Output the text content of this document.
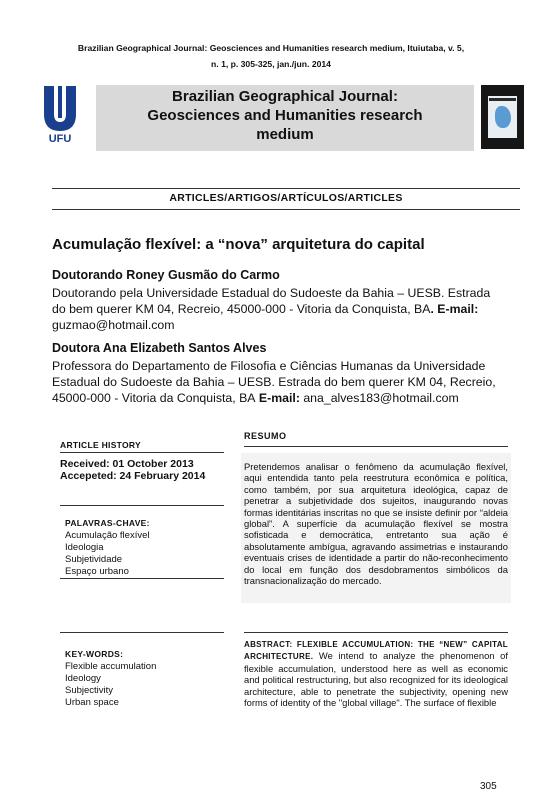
Brazilian Geographical Journal: Geosciences and Humanities research medium, Ituiutaba, v. 5,
n. 1, p. 305-325, jan./jun. 2014
UFU
Brazilian Geographical Journal:
Geosciences and Humanities research
medium
ARTICLES/ARTIGOS/ARTÍCULOS/ARTICLES
Acumulação flexível: a “nova” arquitetura do capital
Doutorando Roney Gusmão do Carmo
Doutorando pela Universidade Estadual do Sudoeste da Bahia – UESB. Estrada
do bem querer KM 04, Recreio, 45000-000 - Vitoria da Conquista, BA. E-mail:
guzmao@hotmail.com
Doutora Ana Elizabeth Santos Alves
Professora do Departamento de Filosofia e Ciências Humanas da Universidade
Estadual do Sudoeste da Bahia – UESB. Estrada do bem querer KM 04, Recreio,
45000-000 - Vitoria da Conquista, BA E-mail: ana_alves183@hotmail.com
ARTICLE HISTORY
Received: 01 October 2013
Accepeted: 24 February 2014
PALAVRAS-CHAVE:
Acumulação flexível
Ideologia
Subjetividade
Espaço urbano
KEY-WORDS:
Flexible accumulation
Ideology
Subjectivity
Urban space
RESUMO
Pretendemos analisar o fenômeno da acumulação flexível, aqui entendida tanto pela reestrutura econômica e política, como também, por sua arquitetura ideológica, capaz de penetrar a subjetividade dos sujeitos, inaugurando novas formas identitárias inscritas no que se insiste definir por “aldeia global”. A superfície da acumulação flexível se mostra sofisticada e democrática, entretanto sua ação é absolutamente ambígua, agravando assimetrias e instaurando eventuais crises de identidade a partir do não-reconhecimento do local em função dos desdobramentos simbólicos da transnacionalização do mercado.
ABSTRACT: FLEXIBLE ACCUMULATION: THE “NEW” CAPITAL ARCHITECTURE. We intend to analyze the phenomenon of flexible accumulation, understood here as well as economic and political restructuring, but also recognized for its ideological architecture, able to penetrate the subjectivity, opening new forms of identity of the "global village". The surface of flexible
305
